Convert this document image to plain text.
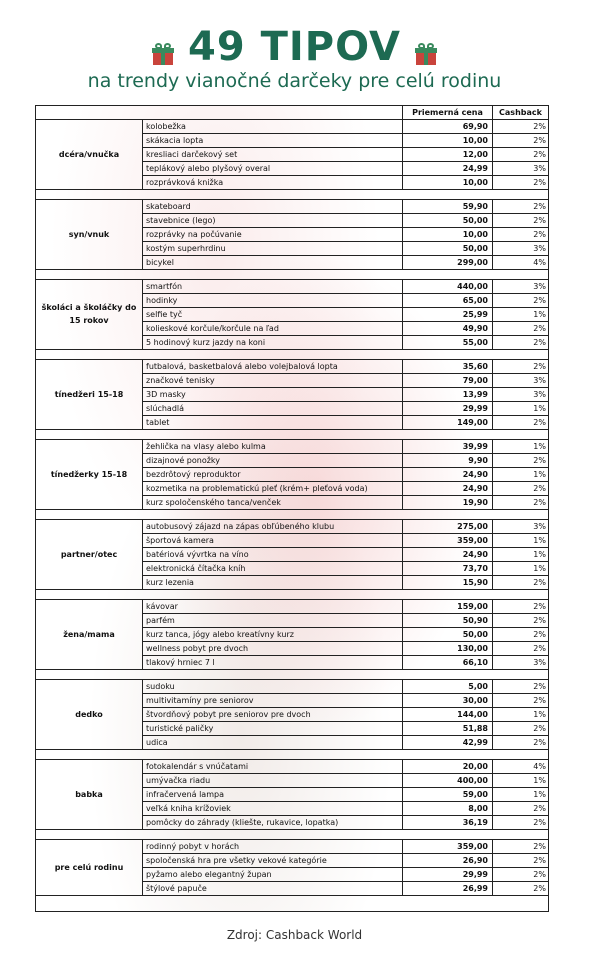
49 TIPOV
na trendy vianočné darčeky pre celú rodinu
Priemerná cena	Cashback
dcéra/vnučka
kolobežka	69,90	2%
skákacia lopta	10,00	2%
kresliaci darčekový set	12,00	2%
teplákový alebo plyšový overal	24,99	3%
rozprávková knižka	10,00	2%
syn/vnuk
skateboard	59,90	2%
stavebnice (lego)	50,00	2%
rozprávky na počúvanie	10,00	2%
kostým superhrdinu	50,00	3%
bicykel	299,00	4%
školáci a školáčky do 15 rokov
smartfón	440,00	3%
hodinky	65,00	2%
selfie tyč	25,99	1%
kolieskové korčule/korčule na ľad	49,90	2%
5 hodinový kurz jazdy na koni	55,00	2%
tínedžeri 15-18
futbalová, basketbalová alebo volejbalová lopta	35,60	2%
značkové tenisky	79,00	3%
3D masky	13,99	3%
slúchadlá	29,99	1%
tablet	149,00	2%
tínedžerky 15-18
žehlička na vlasy alebo kulma	39,99	1%
dizajnové ponožky	9,90	2%
bezdrôtový reproduktor	24,90	1%
kozmetika na problematickú pleť (krém+ pleťová voda)	24,90	2%
kurz spoločenského tanca/venček	19,90	2%
partner/otec
autobusový zájazd na zápas obľúbeného klubu	275,00	3%
športová kamera	359,00	1%
batériová vývrtka na víno	24,90	1%
elektronická čítačka kníh	73,70	1%
kurz lezenia	15,90	2%
žena/mama
kávovar	159,00	2%
parfém	50,90	2%
kurz tanca, jógy alebo kreatívny kurz	50,00	2%
wellness pobyt pre dvoch	130,00	2%
tlakový hrniec 7 l	66,10	3%
dedko
sudoku	5,00	2%
multivitamíny pre seniorov	30,00	2%
štvordňový pobyt pre seniorov pre dvoch	144,00	1%
turistické paličky	51,88	2%
udica	42,99	2%
babka
fotokalendár s vnúčatami	20,00	4%
umývačka riadu	400,00	1%
infračervená lampa	59,00	1%
veľká kniha krížoviek	8,00	2%
pomôcky do záhrady (kliešte, rukavice, lopatka)	36,19	2%
pre celú rodinu
rodinný pobyt v horách	359,00	2%
spoločenská hra pre všetky vekové kategórie	26,90	2%
pyžamo alebo elegantný župan	29,99	2%
štýlové papuče	26,99	2%
Zdroj: Cashback World
